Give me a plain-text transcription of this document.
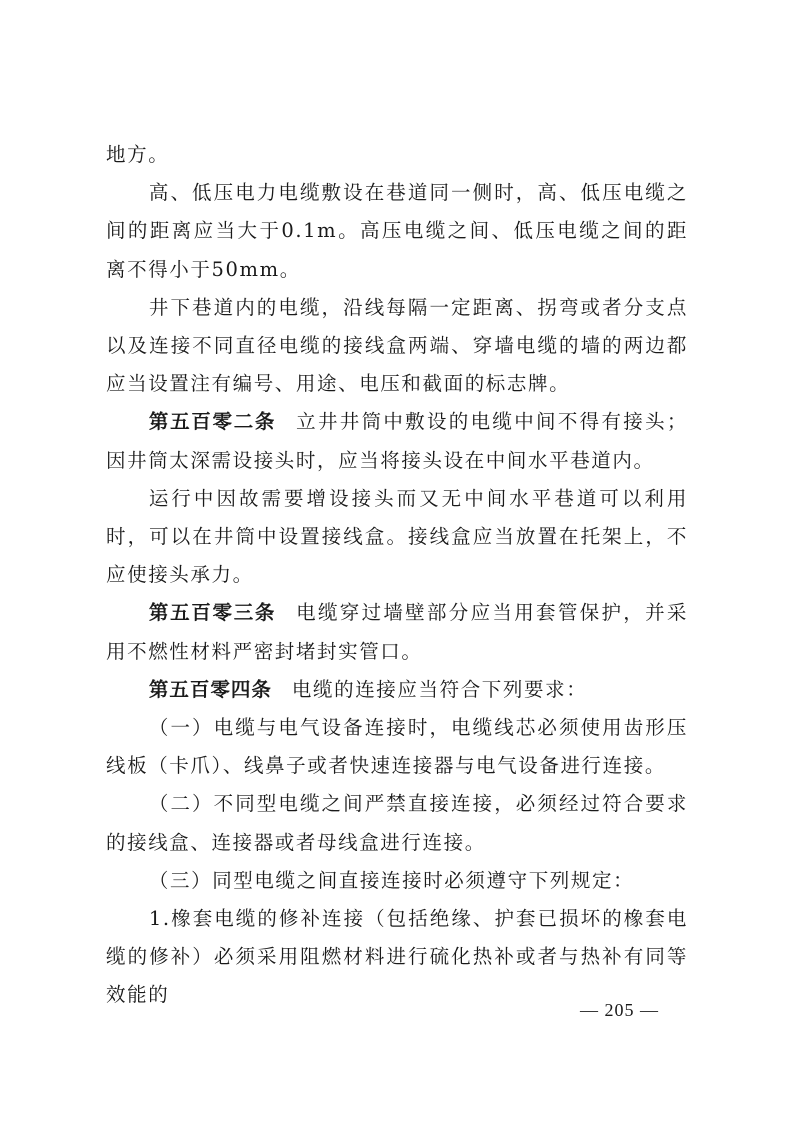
地方。

高、低压电力电缆敷设在巷道同一侧时，高、低压电缆之间的距离应当大于0.1m。高压电缆之间、低压电缆之间的距离不得小于50mm。

井下巷道内的电缆，沿线每隔一定距离、拐弯或者分支点以及连接不同直径电缆的接线盒两端、穿墙电缆的墙的两边都应当设置注有编号、用途、电压和截面的标志牌。

第五百零二条 立井井筒中敷设的电缆中间不得有接头；因井筒太深需设接头时，应当将接头设在中间水平巷道内。

运行中因故需要增设接头而又无中间水平巷道可以利用时，可以在井筒中设置接线盒。接线盒应当放置在托架上，不应使接头承力。

第五百零三条 电缆穿过墙壁部分应当用套管保护，并采用不燃性材料严密封堵封实管口。

第五百零四条 电缆的连接应当符合下列要求：

（一）电缆与电气设备连接时，电缆线芯必须使用齿形压线板（卡爪）、线鼻子或者快速连接器与电气设备进行连接。

（二）不同型电缆之间严禁直接连接，必须经过符合要求的接线盒、连接器或者母线盒进行连接。

（三）同型电缆之间直接连接时必须遵守下列规定：

1.橡套电缆的修补连接（包括绝缘、护套已损坏的橡套电缆的修补）必须采用阻燃材料进行硫化热补或者与热补有同等效能的

— 205 —
